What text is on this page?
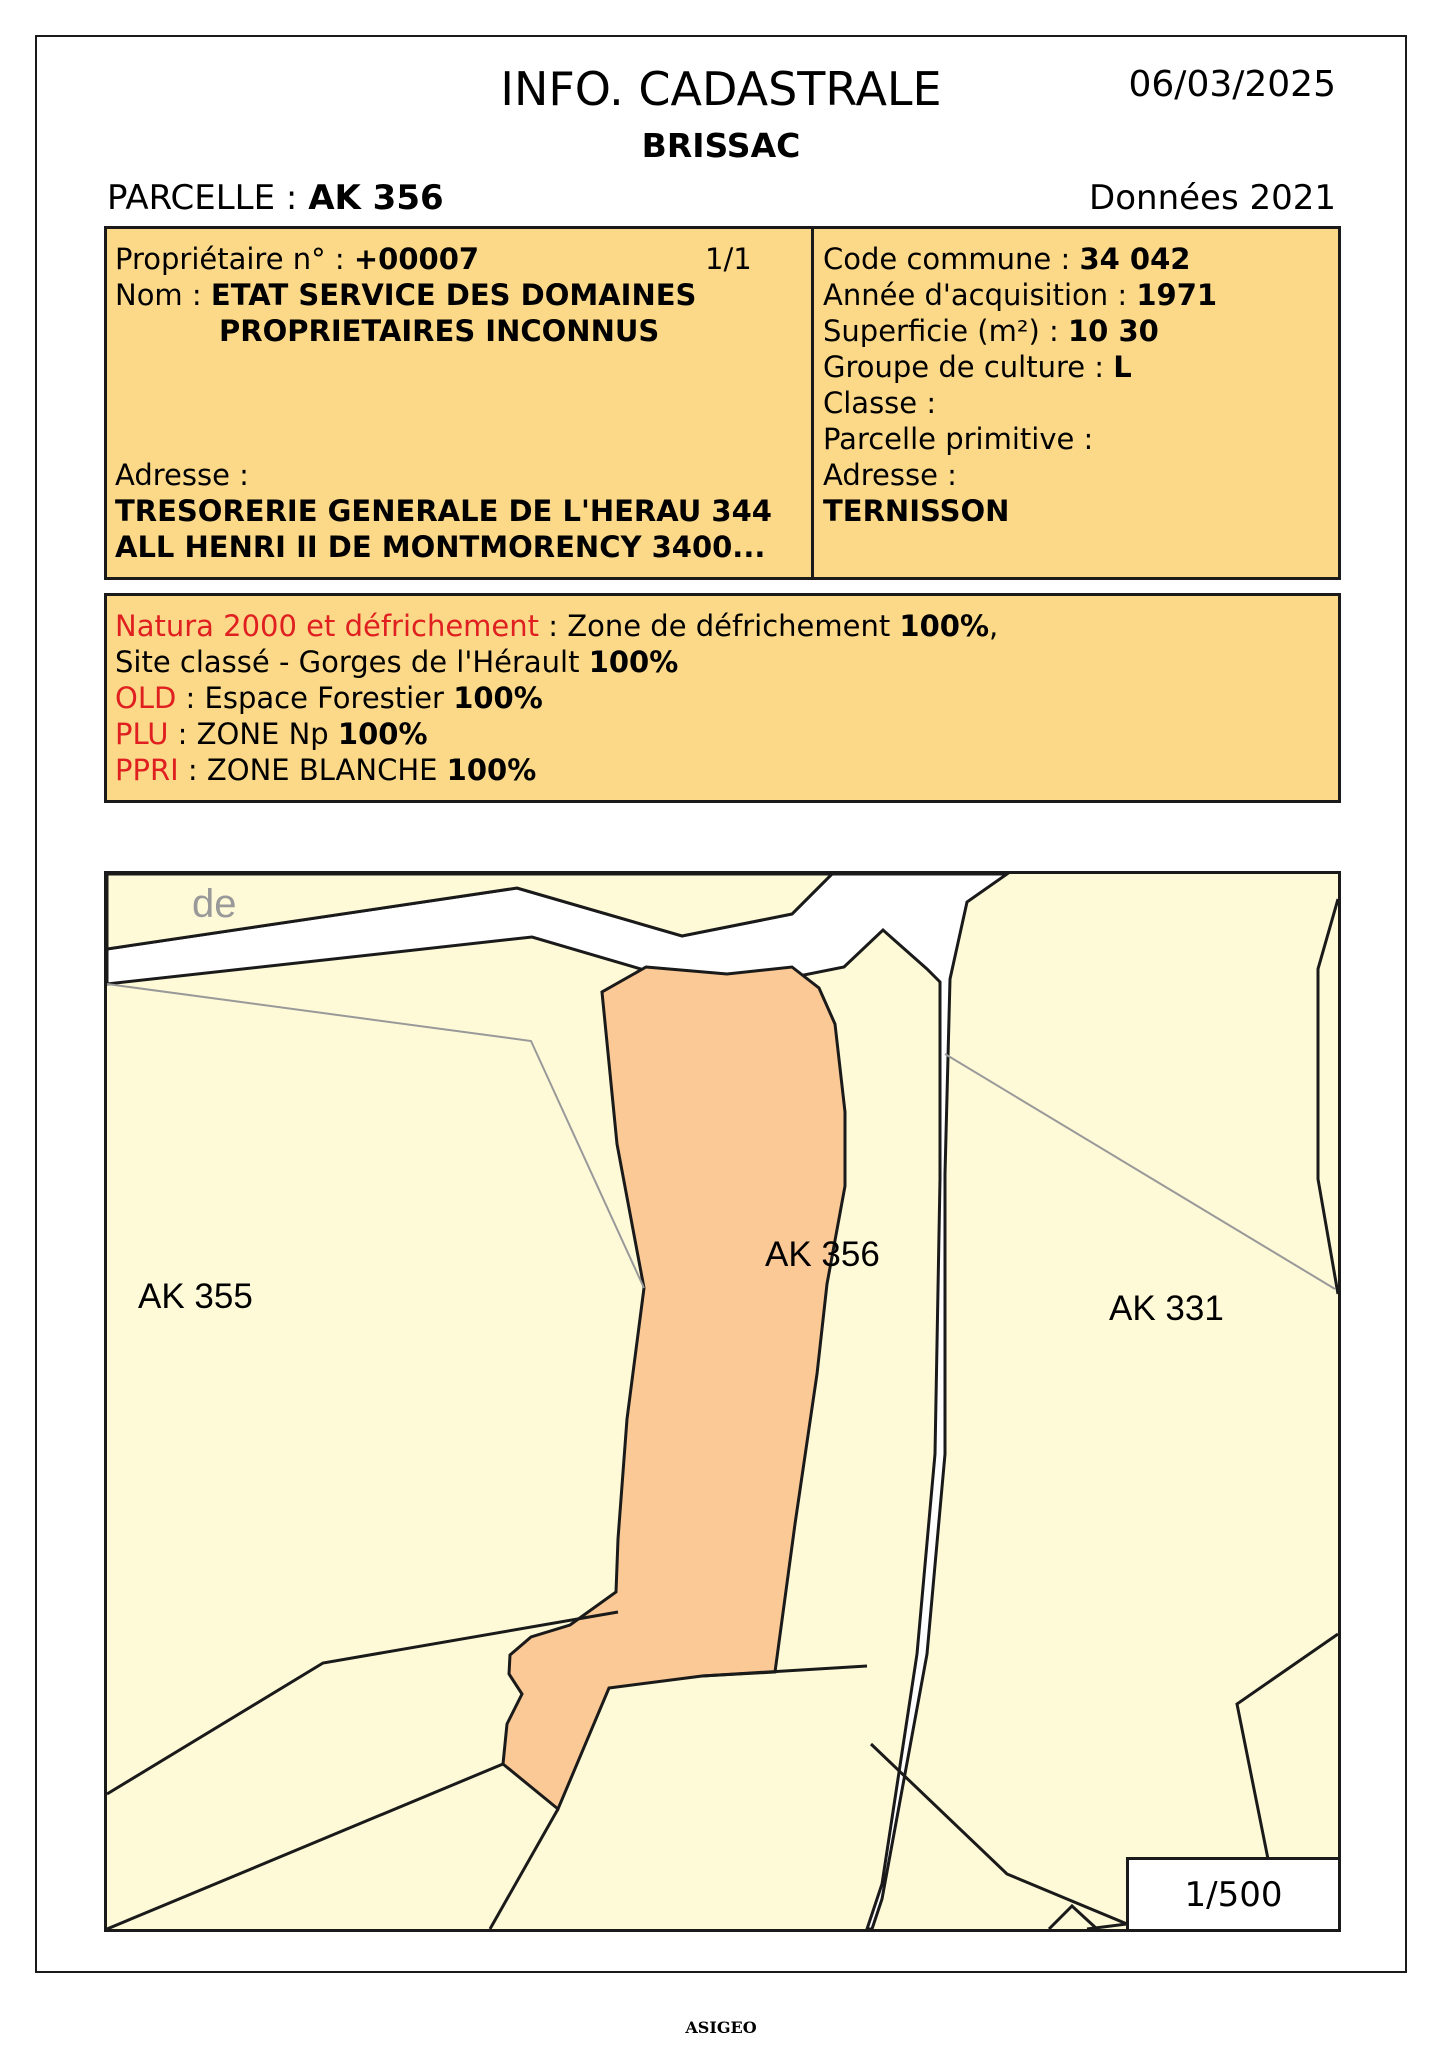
INFO. CADASTRALE
BRISSAC
06/03/2025
PARCELLE : AK 356	Données 2021
Propriétaire n° : +00007	1/1
Nom : ETAT SERVICE DES DOMAINES
PROPRIETAIRES INCONNUS

Adresse :
TRESORERIE GENERALE DE L'HERAU 344
ALL HENRI II DE MONTMORENCY 3400...
Code commune : 34 042
Année d'acquisition : 1971
Superficie (m²) : 10 30
Groupe de culture : L
Classe :
Parcelle primitive :
Adresse :
TERNISSON
Natura 2000 et défrichement : Zone de défrichement 100%,
Site classé - Gorges de l'Hérault 100%
OLD : Espace Forestier 100%
PLU : ZONE Np 100%
PPRI : ZONE BLANCHE 100%
de
AK 356
AK 355	AK 331
1/500
ASIGEO
